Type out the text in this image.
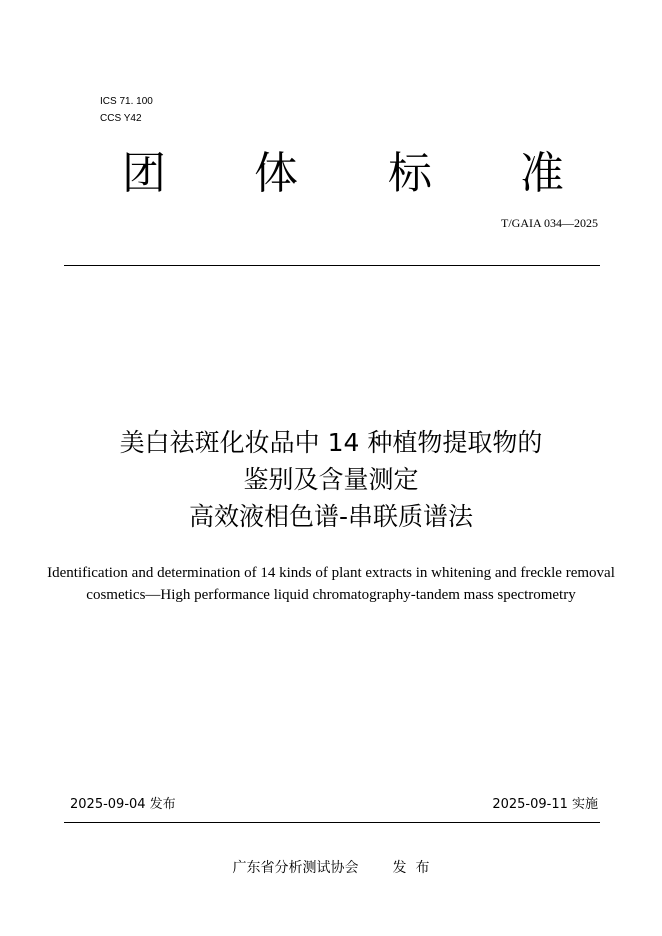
ICS 71. 100
CCS Y42
团 体 标 准
T/GAIA 034—2025
美白祛斑化妆品中 14 种植物提取物的
鉴别及含量测定
高效液相色谱-串联质谱法
Identification and determination of 14 kinds of plant extracts in whitening and freckle removal cosmetics—High performance liquid chromatography-tandem mass spectrometry
2025-09-04 发布	2025-09-11 实施
广东省分析测试协会 发  布
